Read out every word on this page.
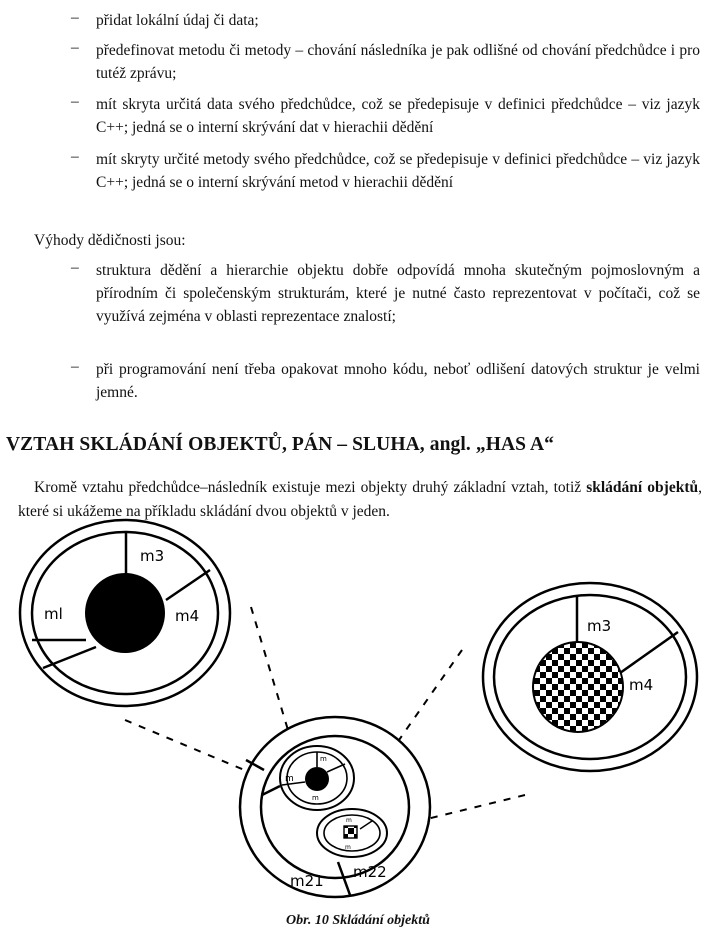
– přidat lokální údaj či data;
– předefinovat metodu či metody – chování následníka je pak odlišné od chování předchůdce i pro tutéž zprávu;
– mít skryta určitá data svého předchůdce, což se předepisuje v definici předchůdce – viz jazyk C++; jedná se o interní skrývání dat v hierachii dědění
– mít skryty určité metody svého předchůdce, což se předepisuje v definici předchůdce – viz jazyk C++; jedná se o interní skrývání metod v hierachii dědění
Výhody dědičnosti jsou:
– struktura dědění a hierarchie objektu dobře odpovídá mnoha skutečným pojmoslovným a přírodním či společenským strukturám, které je nutné často reprezentovat v počítači, což se využívá zejména v oblasti reprezentace znalostí;
– při programování není třeba opakovat mnoho kódu, neboť odlišení datových struktur je velmi jemné.
VZTAH SKLÁDÁNÍ OBJEKTŮ, PÁN – SLUHA, angl. „HAS A“
Kromě vztahu předchůdce–následník existuje mezi objekty druhý základní vztah, totiž skládání objektů, které si ukážeme na příkladu skládání dvou objektů v jeden.
m3
ml	m4
m3
m4
m
m
m
m
m
m21 m22
Obr. 10 Skládání objektů
